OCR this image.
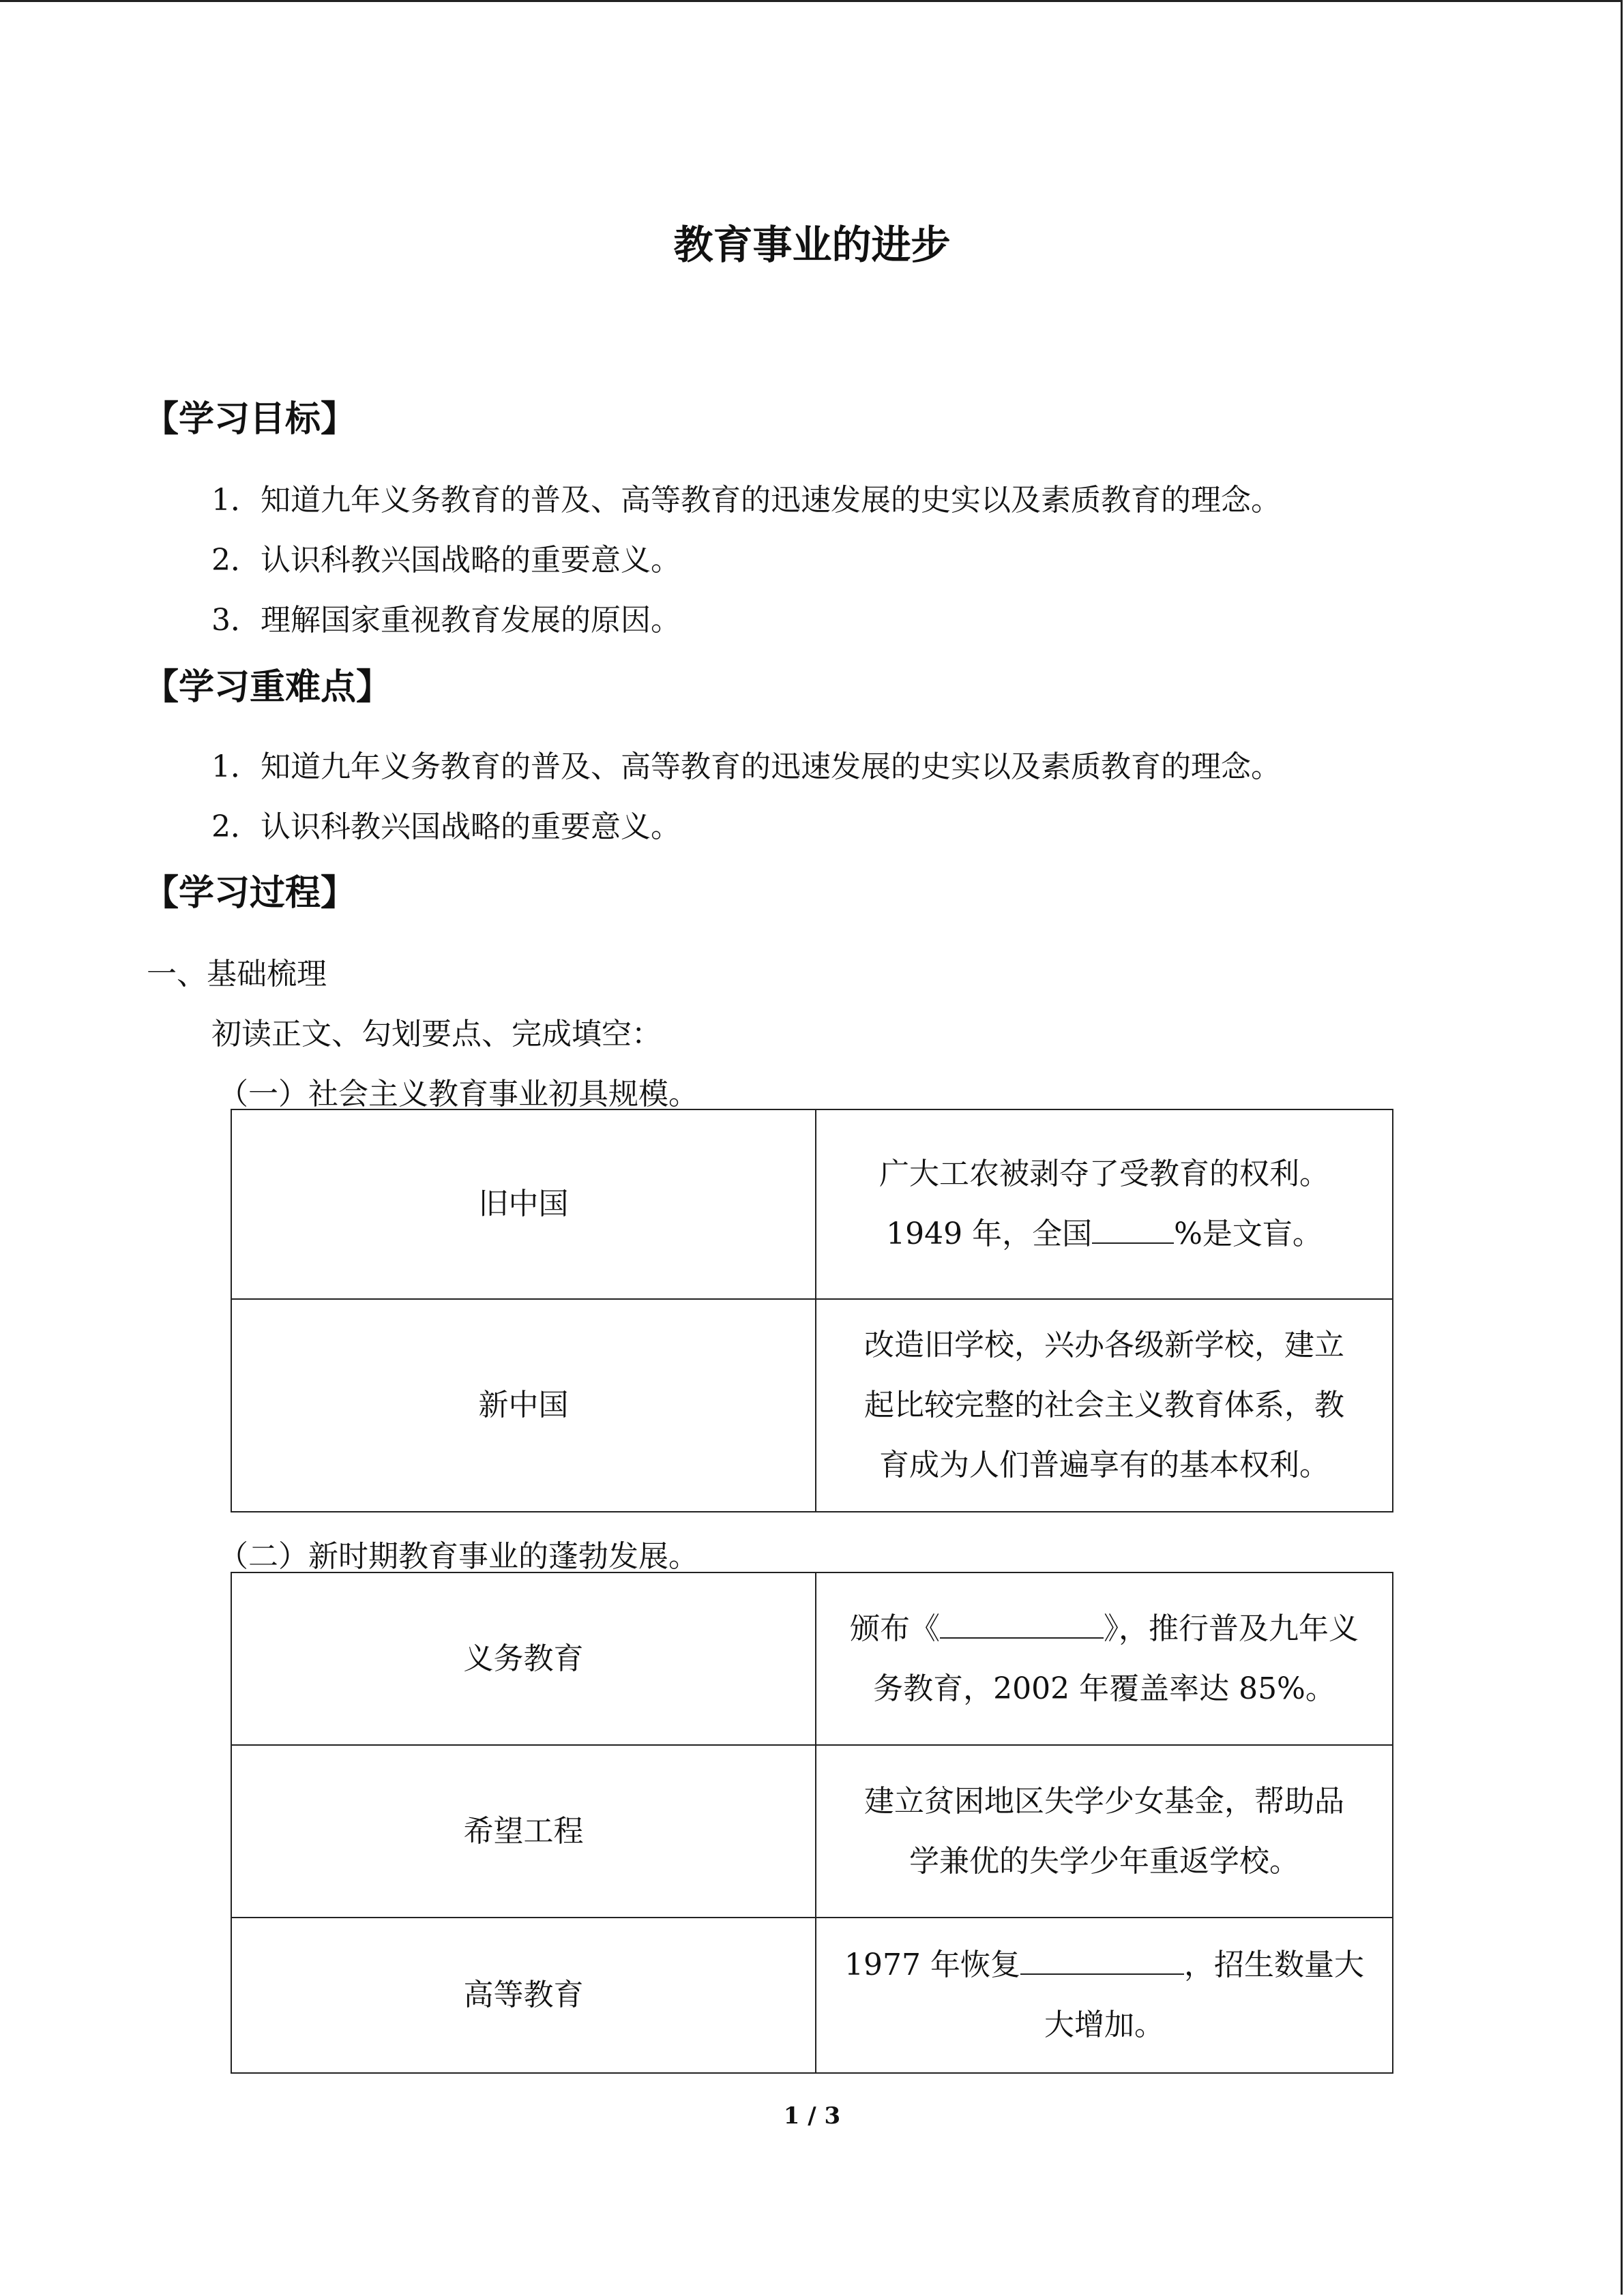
教育事业的进步
【学习目标】
1．知道九年义务教育的普及、高等教育的迅速发展的史实以及素质教育的理念。
2．认识科教兴国战略的重要意义。
3．理解国家重视教育发展的原因。
【学习重难点】
1．知道九年义务教育的普及、高等教育的迅速发展的史实以及素质教育的理念。
2．认识科教兴国战略的重要意义。
【学习过程】
一、基础梳理
初读正文、勾划要点、完成填空：
（一）社会主义教育事业初具规模。
旧中国	广大工农被剥夺了受教育的权利。
1949 年，全国 %是文盲。

新中国	改造旧学校，兴办各级新学校，建立
起比较完整的社会主义教育体系，教
育成为人们普遍享有的基本权利。
（二）新时期教育事业的蓬勃发展。
义务教育	颁布《 》，推行普及九年义
务教育，2002 年覆盖率达 85%。

希望工程	建立贫困地区失学少女基金，帮助品
学兼优的失学少年重返学校。

高等教育	1977 年恢复 ，招生数量大
大增加。
1 / 3
